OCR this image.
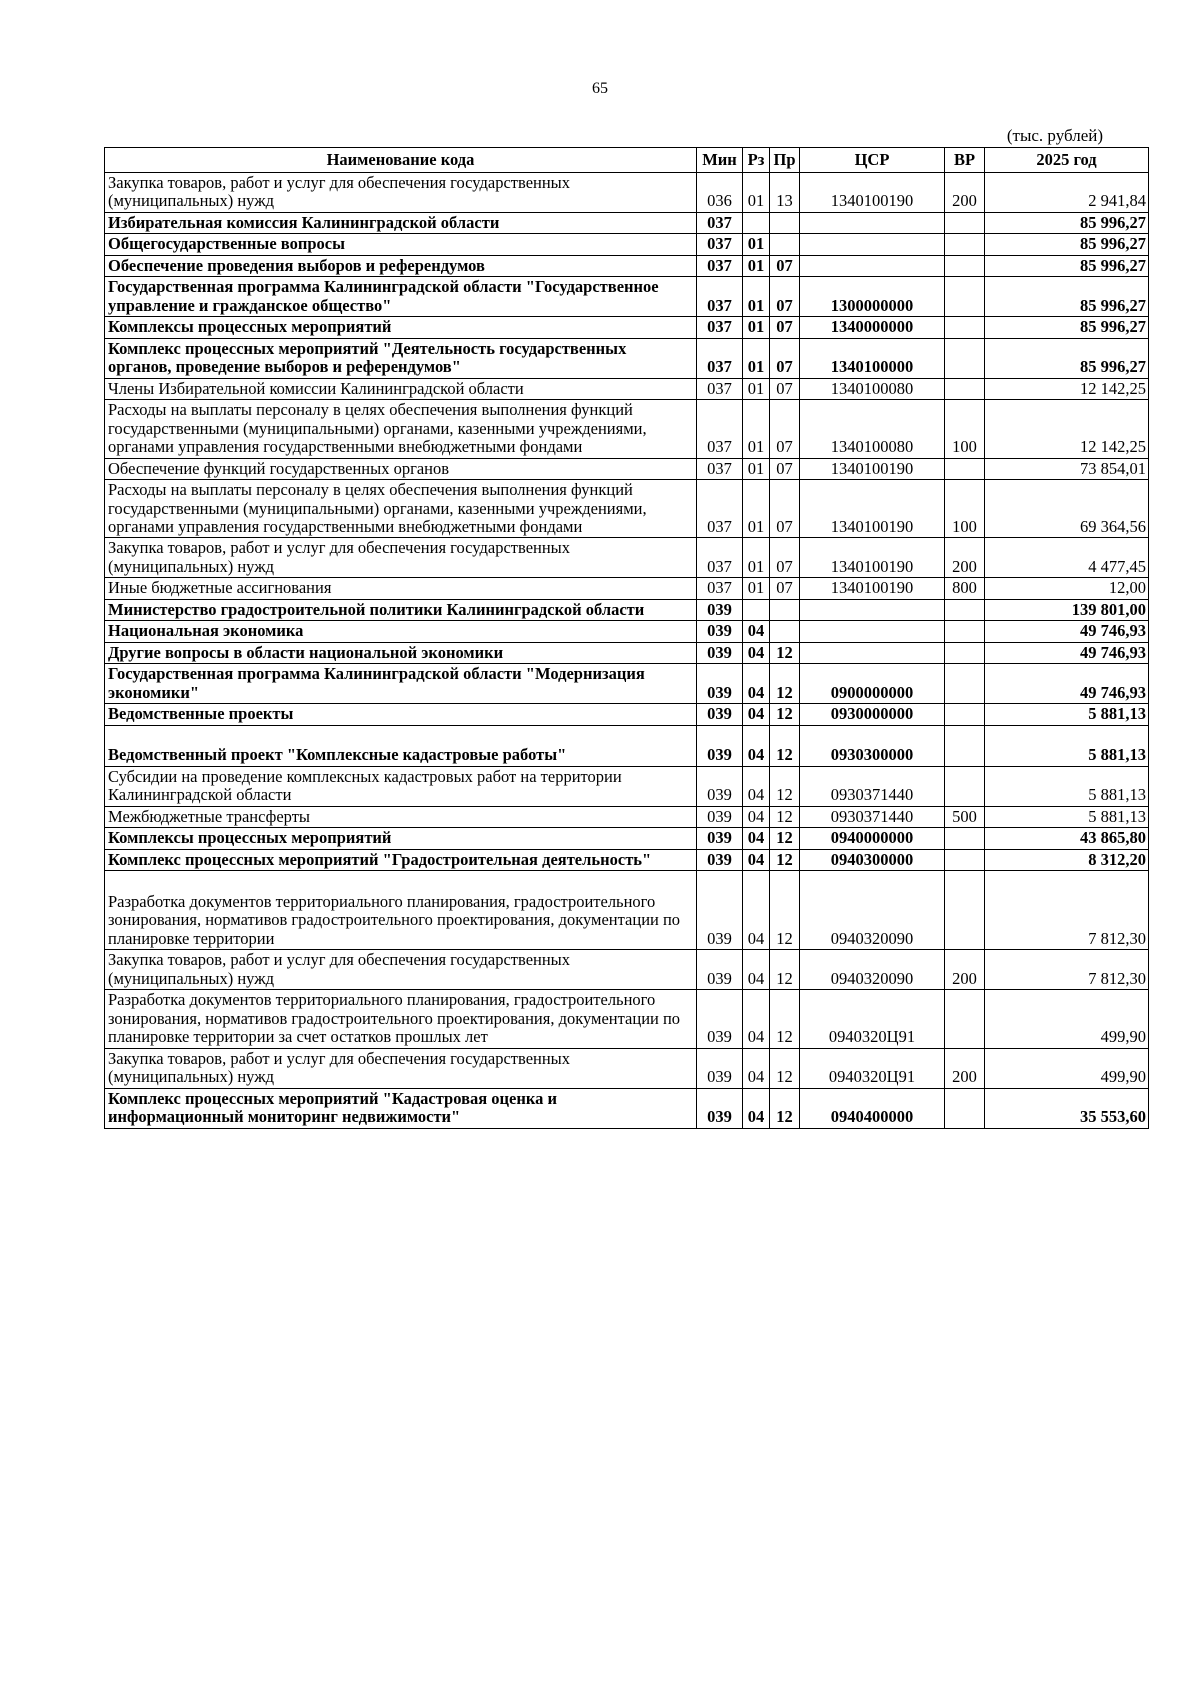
65
(тыс. рублей)
Наименование кода	Мин	Рз	Пр	ЦСР	ВР	2025 год
Закупка товаров, работ и услуг для обеспечения государственных (муниципальных) нужд	036	01	13	1340100190	200	2 941,84
Избирательная комиссия Калининградской области	037					85 996,27
Общегосударственные вопросы	037	01				85 996,27
Обеспечение проведения выборов и референдумов	037	01	07			85 996,27
Государственная программа Калининградской области "Государственное управление и гражданское общество"	037	01	07	1300000000		85 996,27
Комплексы процессных мероприятий	037	01	07	1340000000		85 996,27
Комплекс процессных мероприятий "Деятельность государственных органов, проведение выборов и референдумов"	037	01	07	1340100000		85 996,27
Члены Избирательной комиссии Калининградской области	037	01	07	1340100080		12 142,25
Расходы на выплаты персоналу в целях обеспечения выполнения функций государственными (муниципальными) органами, казенными учреждениями, органами управления государственными внебюджетными фондами	037	01	07	1340100080	100	12 142,25
Обеспечение функций государственных органов	037	01	07	1340100190		73 854,01
Расходы на выплаты персоналу в целях обеспечения выполнения функций государственными (муниципальными) органами, казенными учреждениями, органами управления государственными внебюджетными фондами	037	01	07	1340100190	100	69 364,56
Закупка товаров, работ и услуг для обеспечения государственных (муниципальных) нужд	037	01	07	1340100190	200	4 477,45
Иные бюджетные ассигнования	037	01	07	1340100190	800	12,00
Министерство градостроительной политики Калининградской области	039					139 801,00
Национальная экономика	039	04				49 746,93
Другие вопросы в области национальной экономики	039	04	12			49 746,93
Государственная программа Калининградской области "Модернизация экономики"	039	04	12	0900000000		49 746,93
Ведомственные проекты	039	04	12	0930000000		5 881,13
Ведомственный проект "Комплексные кадастровые работы"	039	04	12	0930300000		5 881,13
Субсидии на проведение комплексных кадастровых работ на территории Калининградской области	039	04	12	0930371440		5 881,13
Межбюджетные трансферты	039	04	12	0930371440	500	5 881,13
Комплексы процессных мероприятий	039	04	12	0940000000		43 865,80
Комплекс процессных мероприятий "Градостроительная деятельность"	039	04	12	0940300000		8 312,20
Разработка документов территориального планирования, градостроительного зонирования, нормативов градостроительного проектирования, документации по планировке территории	039	04	12	0940320090		7 812,30
Закупка товаров, работ и услуг для обеспечения государственных (муниципальных) нужд	039	04	12	0940320090	200	7 812,30
Разработка документов территориального планирования, градостроительного зонирования, нормативов градостроительного проектирования, документации по планировке территории за счет остатков прошлых лет	039	04	12	0940320Ц91		499,90
Закупка товаров, работ и услуг для обеспечения государственных (муниципальных) нужд	039	04	12	0940320Ц91	200	499,90
Комплекс процессных мероприятий "Кадастровая оценка и информационный мониторинг недвижимости"	039	04	12	0940400000		35 553,60
